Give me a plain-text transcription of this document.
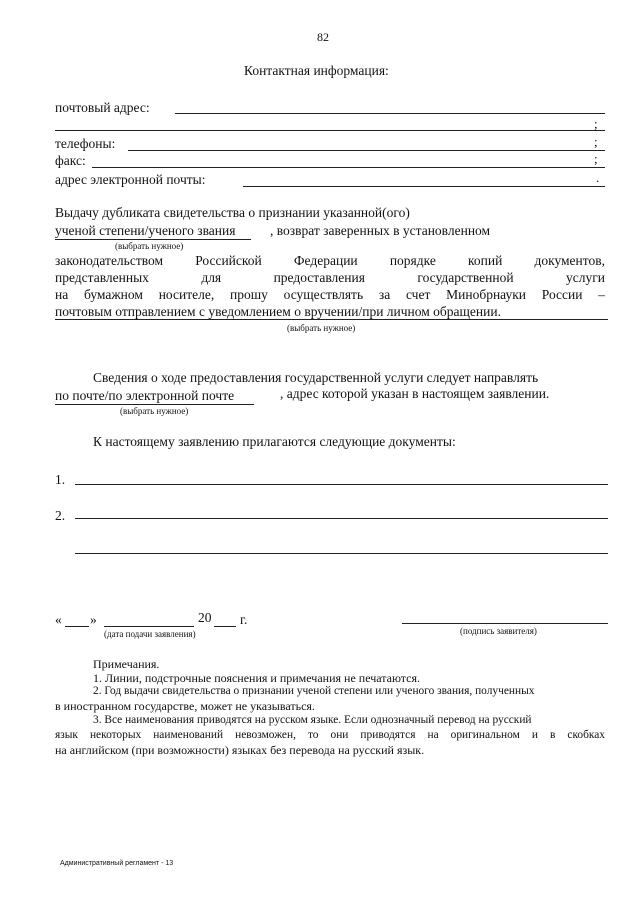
82
Контактная информация:
почтовый адрес:
;
телефоны:	;
факс:	;
адрес электронной почты:	.
Выдачу дубликата свидетельства о признании указанной(ого)
ученой степени/ученого звания	, возврат заверенных в установленном
(выбрать нужное)
законодательством Российской Федерации порядке копий документов,
представленных для предоставления государственной услуги
на бумажном носителе, прошу осуществлять за счет Минобрнауки России –
почтовым отправлением с уведомлением о вручении/при личном обращении.
(выбрать нужное)
Сведения о ходе предоставления государственной услуги следует направлять
по почте/по электронной почте	, адрес которой указан в настоящем заявлении.
(выбрать нужное)
К настоящему заявлению прилагаются следующие документы:
1.
2.
« »	20 г.
(дата подачи заявления)	(подпись заявителя)
Примечания.
1. Линии, подстрочные пояснения и примечания не печатаются.
2. Год выдачи свидетельства о признании ученой степени или ученого звания, полученных
в иностранном государстве, может не указываться.
3. Все наименования приводятся на русском языке. Если однозначный перевод на русский
язык некоторых наименований невозможен, то они приводятся на оригинальном и в скобках
на английском (при возможности) языках без перевода на русский язык.
Административный регламент - 13
